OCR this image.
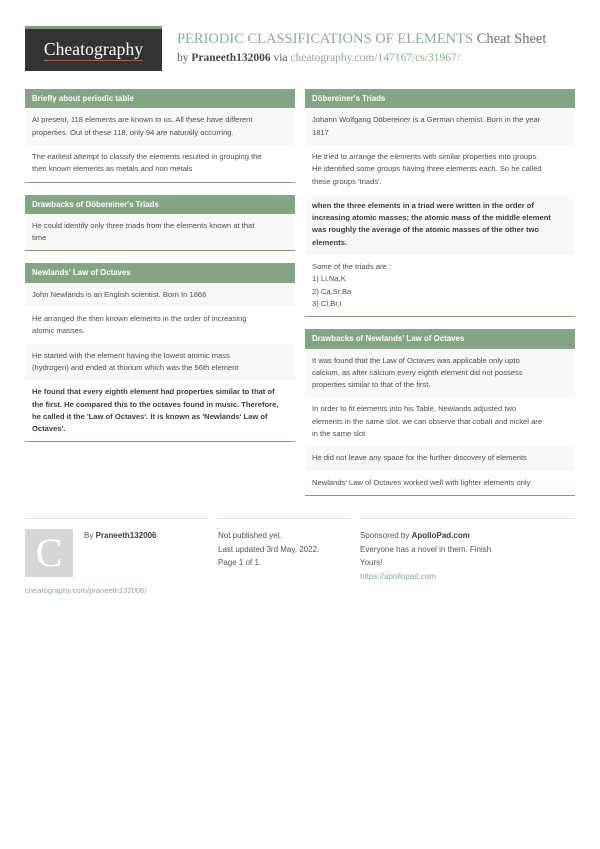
Cheatography PERIODIC CLASSIFICATIONS OF ELEMENTS Cheat Sheet
by Praneeth132006 via cheatography.com/147167/cs/31967/
Briefly about periodic table

At present, 118 elements are known to us. All these have different

properties. Out of these 118, only 94 are naturally occurring.

The earliest attempt to classify the elements resulted in grouping the

then known elements as metals and non metals

Drawbacks of Döbereiner's Triads

He could identify only three triads from the elements known at that

time

Newlands' Law of Octaves

John Newlands is an English scientist. Born In 1866

He arranged the then known elements in the order of increasing

atomic masses.

He started with the element having the lowest atomic mass

(hydrogen) and ended at thorium which was the 56th element

He found that every eighth element had properties similar to that of

the first. He compared this to the octaves found in music. Therefore,

he called it the 'Law of Octaves'. It is known as 'Newlands' Law of

Octaves'.

Döbereiner's Triads

Johann Wolfgang Döbereiner is a German chemist. Born in the year

1817

He tried to arrange the elements with similar properties into groups.

He identified some groups having three elements each. So he called

these groups 'triads'.

when the three elements in a triad were written in the order of

increasing atomic masses; the atomic mass of the middle element

was roughly the average of the atomic masses of the other two

elements.

Some of the triads are :

1) Li,Na,K

2) Ca,Sr,Ba

3) Cl,Br,I

Drawbacks of Newlands' Law of Octaves

It was found that the Law of Octaves was applicable only upto

calcium, as after calcium every eighth element did not possess

properties similar to that of the first.

In order to fit elements into his Table, Newlands adjusted two

elements in the same slot. we can observe that cobalt and nickel are

in the same slot

He did not leave any space for the further discovery of elements

Newlands' Law of Octaves worked well with lighter elements only

C	By Praneeth132006
cheatography.com/praneeth132006/
Not published yet.
Last updated 3rd May, 2022.
Page 1 of 1.
Sponsored by ApolloPad.com
Everyone has a novel in them. Finish
Yours!
https://apollopad.com
